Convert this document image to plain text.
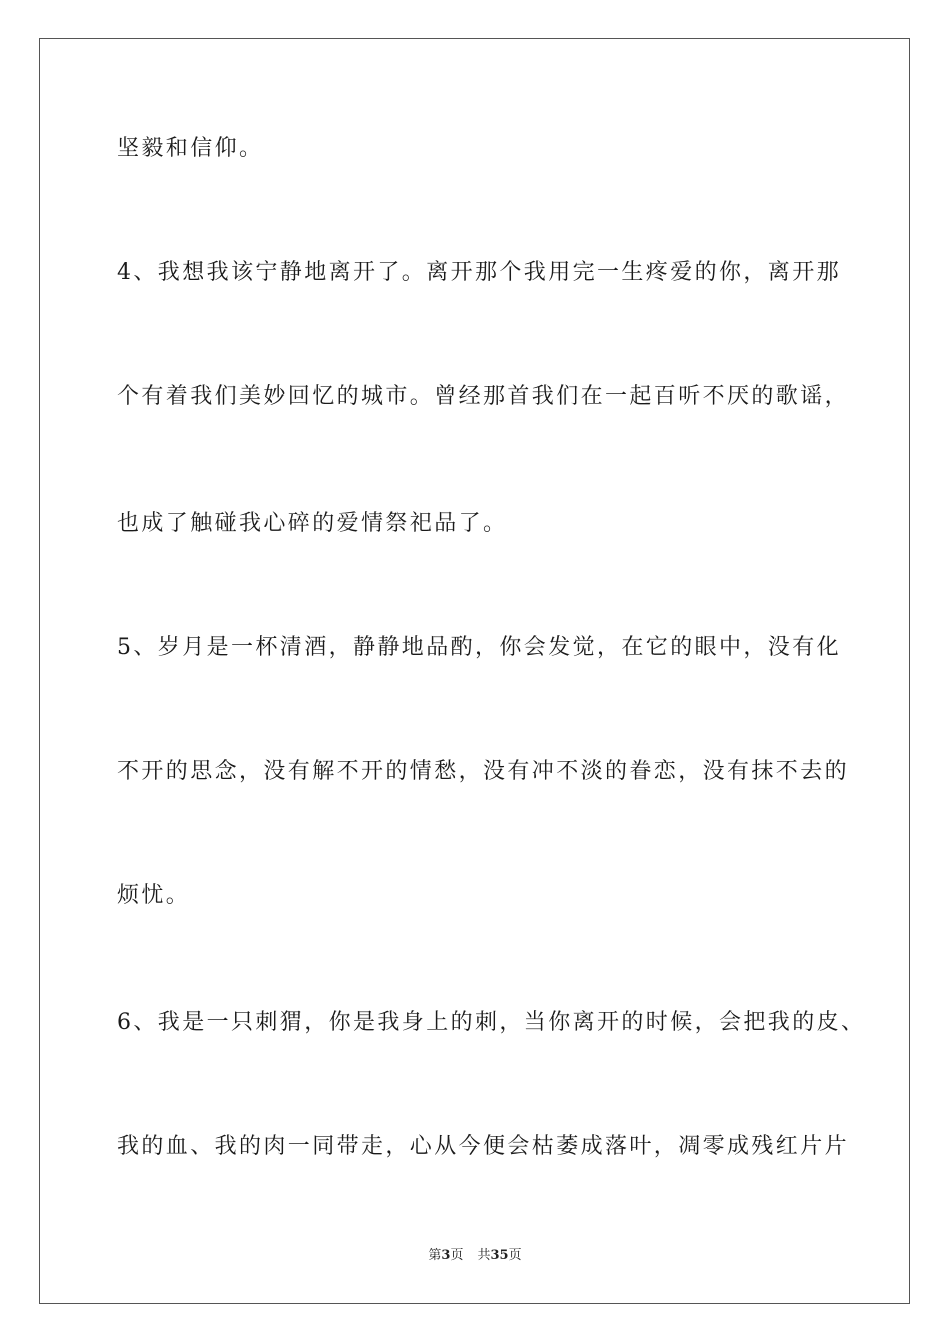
坚毅和信仰。
4、我想我该宁静地离开了。离开那个我用完一生疼爱的你，离开那
个有着我们美妙回忆的城市。曾经那首我们在一起百听不厌的歌谣，
也成了触碰我心碎的爱情祭祀品了。
5、岁月是一杯清酒，静静地品酌，你会发觉，在它的眼中，没有化
不开的思念，没有解不开的情愁，没有冲不淡的眷恋，没有抹不去的
烦忧。
6、我是一只刺猬，你是我身上的刺，当你离开的时候，会把我的皮、
我的血、我的肉一同带走，心从今便会枯萎成落叶，凋零成残红片片
第3页 共35页
